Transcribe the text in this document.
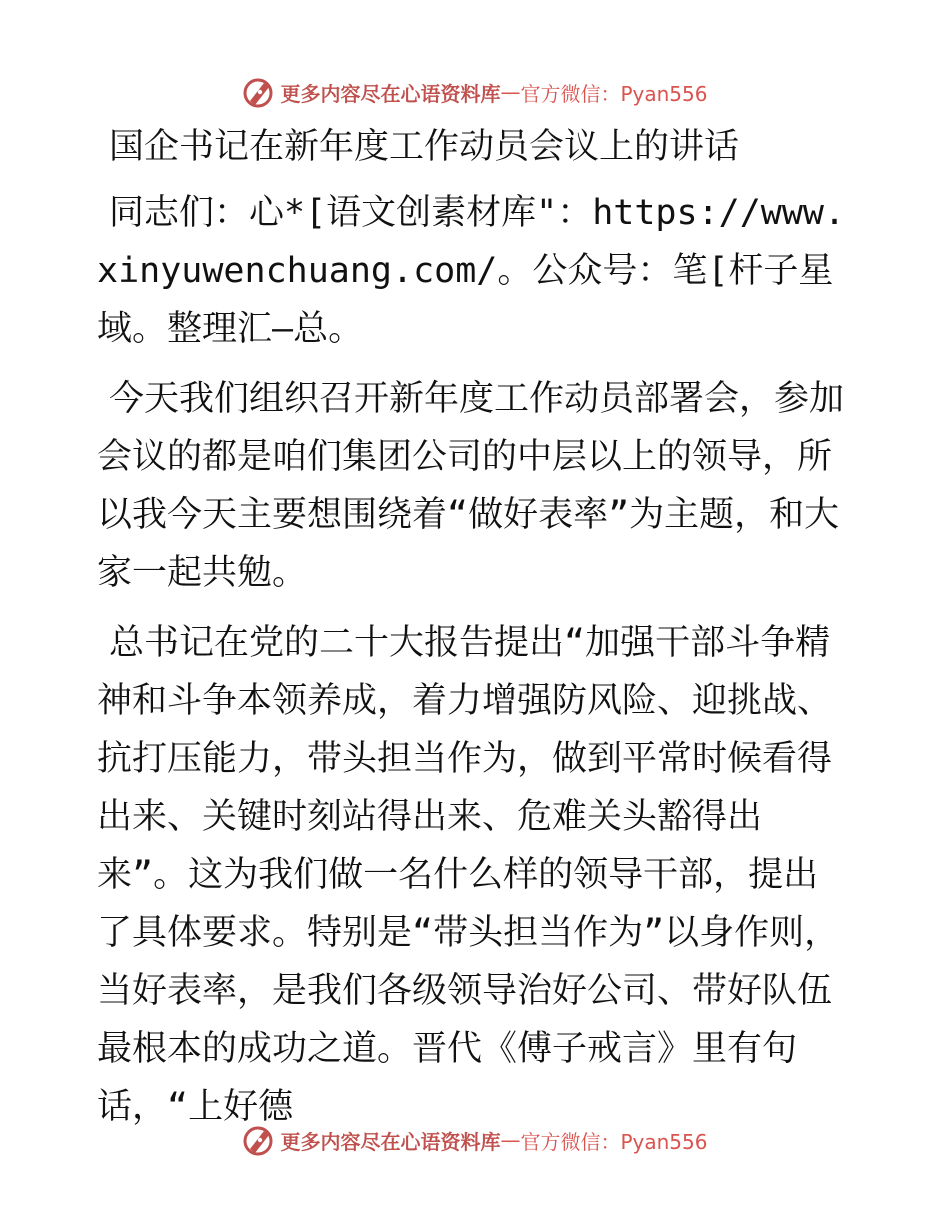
更多内容尽在心语资料库 — 官方微信：Pyan556

国企书记在新年度工作动员会议上的讲话

同志们：心*[语文创素材库"：https://www.xinyuwenchuang.com/。公众号：笔[杆子星域。整理汇—总。

今天我们组织召开新年度工作动员部署会，参加会议的都是咱们集团公司的中层以上的领导，所以我今天主要想围绕着“做好表率”为主题，和大家一起共勉。

总书记在党的二十大报告提出“加强干部斗争精神和斗争本领养成，着力增强防风险、迎挑战、抗打压能力，带头担当作为，做到平常时候看得出来、关键时刻站得出来、危难关头豁得出来”。这为我们做一名什么样的领导干部，提出了具体要求。特别是“带头担当作为”以身作则，当好表率，是我们各级领导治好公司、带好队伍最根本的成功之道。晋代《傅子戒言》里有句话，“上好德

更多内容尽在心语资料库 — 官方微信：Pyan556
